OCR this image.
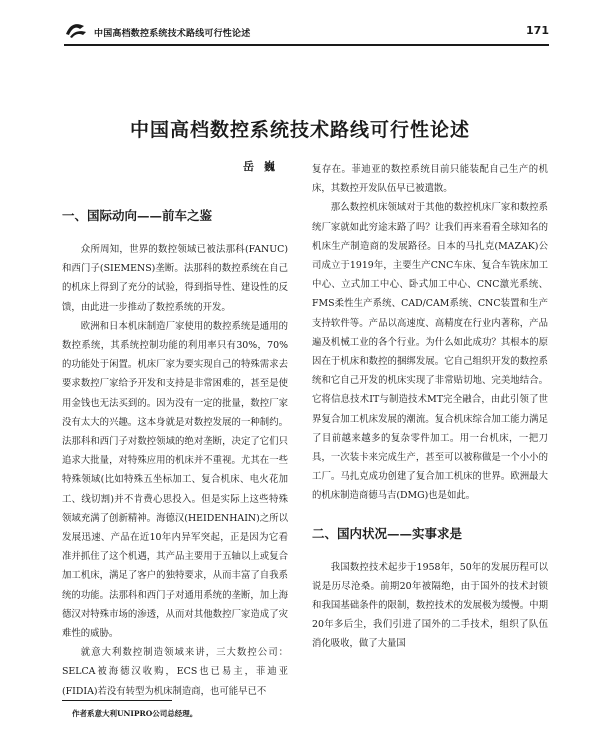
中国高档数控系统技术路线可行性论述	171
中国高档数控系统技术路线可行性论述
岳巍
一、国际动向——前车之鉴

众所周知，世界的数控领域已被法那科(FANUC)和西门子(SIEMENS)垄断。法那科的数控系统在自己的机床上得到了充分的试验，得到指导性、建设性的反馈，由此进一步推动了数控系统的开发。

欧洲和日本机床制造厂家使用的数控系统是通用的数控系统，其系统控制功能的利用率只有30%，70%的功能处于闲置。机床厂家为要实现自己的特殊需求去要求数控厂家给予开发和支持是非常困难的，甚至是使用金钱也无法买到的。因为没有一定的批量，数控厂家没有太大的兴趣。这本身就是对数控发展的一种制约。法那科和西门子对数控领域的绝对垄断，决定了它们只追求大批量，对特殊应用的机床并不重视。尤其在一些特殊领域(比如特殊五坐标加工、复合机床、电火花加工、线切割)并不肯费心思投入。但是实际上这些特殊领域充满了创新精神。海德汉(HEIDENHAIN)之所以发展迅速、产品在近10年内异军突起，正是因为它看准并抓住了这个机遇，其产品主要用于五轴以上或复合加工机床，满足了客户的独特要求，从而丰富了自我系统的功能。法那科和西门子对通用系统的垄断，加上海德汉对特殊市场的渗透，从而对其他数控厂家造成了灾难性的威胁。

就意大利数控制造领域来讲，三大数控公司：SELCA被海德汉收购，ECS也已易主，菲迪亚(FIDIA)若没有转型为机床制造商，也可能早已不

复存在。菲迪亚的数控系统目前只能装配自己生产的机床，其数控开发队伍早已被遣散。

那么数控机床领域对于其他的数控机床厂家和数控系统厂家就如此穷途末路了吗？让我们再来看看全球知名的机床生产制造商的发展路径。日本的马扎克(MAZAK)公司成立于1919年，主要生产CNC车床、复合车铣床加工中心、立式加工中心、卧式加工中心、CNC激光系统、FMS柔性生产系统、CAD/CAM系统、CNC装置和生产支持软件等。产品以高速度、高精度在行业内著称，产品遍及机械工业的各个行业。为什么如此成功？其根本的原因在于机床和数控的捆绑发展。它自己组织开发的数控系统和它自己开发的机床实现了非常贴切地、完美地结合。它将信息技术IT与制造技术MT完全融合，由此引领了世界复合加工机床发展的潮流。复合机床综合加工能力满足了目前越来越多的复杂零件加工。用一台机床，一把刀具，一次装卡来完成生产，甚至可以被称做是一个小小的工厂。马扎克成功创建了复合加工机床的世界。欧洲最大的机床制造商德马吉(DMG)也是如此。

二、国内状况——实事求是

我国数控技术起步于1958年，50年的发展历程可以说是历尽沧桑。前期20年被隔绝，由于国外的技术封锁和我国基础条件的限制，数控技术的发展极为缓慢。中期20年多后尘，我们引进了国外的二手技术，组织了队伍消化吸收，做了大量国

作者系意大利UNIPRO公司总经理。
